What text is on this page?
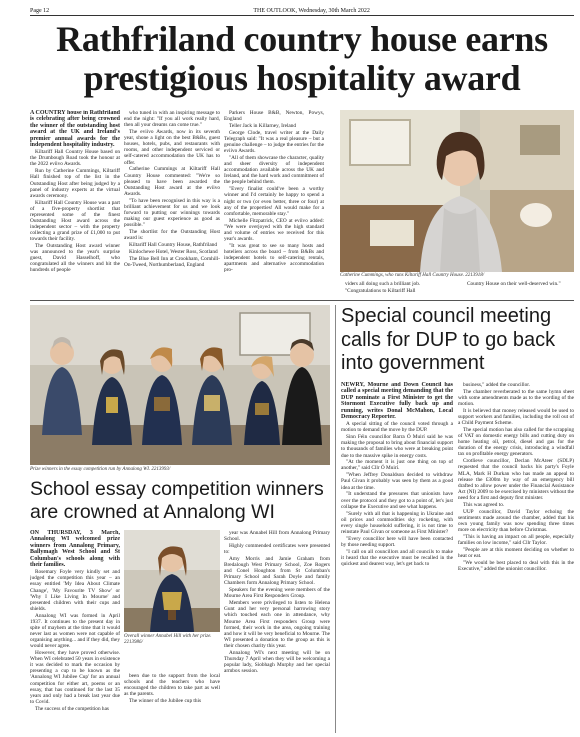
Page 12	THE OUTLOOK, Wednesday, 30th March 2022
Rathfriland country house earns prestigious hospitality award

A COUNTRY house in Rathfriland is celebrating after being crowned the winner of the outstanding host award at the UK and Ireland's premier annual awards for the independent hospitality industry.

Kiltariff Hall Country House based on the Drumbough Road took the honour at the 2022 eviivo Awards.

Run by Catherine Cummings, Kiltariff Hall finished top of the list in the Outstanding Host after being judged by a panel of industry experts at the virtual awards ceremony.

Kiltariff Hall Country House was a part of a five-property shortlist that represented some of the finest Outstanding Host award across the independent sector – with the property collecting a grand prize of £1,000 to put towards their facility.

The Outstanding Host award winner was announced to the year's surprise guest, David Hasselhoff, who congratulated all the winners and hit the hundreds of people

who tuned in with an inspiring message to end the night: "If you all work really hard, then all your dreams can come true."

The eviivo Awards, now in its seventh year, shone a light on the best B&Bs, guest houses, hotels, pubs, and restaurants with rooms, and other independent serviced or self-catered accommodation the UK has to offer.

Catherine Cummings at Kiltariff Hall Country House commented: "We're so pleased to have been awarded the Outstanding Host award at the eviivo Awards.

"To have been recognised in this way is a brilliant achievement for us and we look forward to putting our winnings towards making our guest experience as good as possible."

The shortlist for the Outstanding Host award is:

Kiltariff Hall Country House, Rathfriland

Kinlochewe Hotel, Wester Ross, Scotland

The Blue Bell Inn at Crookham, Cornhill-On-Tweed, Northumberland, England

Parkers House B&B, Newton, Powys, England

Teller Jack in Killarney, Ireland

George Clode, travel writer at the Daily Telegraph said: "It was a real pleasure – but a genuine challenge – to judge the entries for the eviivo Awards.

"All of them showcase the character, quality and sheer diversity of independent accommodation available across the UK and Ireland, and the hard work and commitment of the people behind them.

"Every finalist could've been a worthy winner and I'd certainly be happy to spend a night or two (or even better, three or four) at any of the properties! All would make for a comfortable, memorable stay."

Michelle Fitzpatrick, CEO at eviivo added: "We were overjoyed with the high standard and volume of entries we received for this year's awards.

"It was great to see so many hosts and hoteliers across the board – from B&Bs and independent hotels to self-catering rentals, apartments and alternative accommodation pro-

Catherine Cummings, who runs Kiltariff Hall Country House. 2213918/

viders all doing such a brilliant job.

"Congratulations to Kiltariff Hall

Country House on their well-deserved win."

Prize winners in the essay competition run by Annalong WI. 2213993/
School essay competition winners are crowned at Annalong WI

ON THURSDAY, 3 March, Annalong WI welcomed prize winners from Annalong Primary, Ballymagh West School and St Columban's schools along with their families.

Rosemary Foyle very kindly set and judged the competition this year – an essay entitled 'My Idea About Climate Change', 'My Favourite TV Show' or 'Why I Like Living In Mourne' and presented children with their cups and shields.

Annalong WI was formed in April 1937. It continues to the present day in spite of mayhem at the time that it would never last as women were not capable of organising anything... and if they did, they would never agree.

However, they have proved otherwise. When WI celebrated 50 years in existence it was decided to mark the occasion by presenting a cup to be known as the 'Annalong WI Jubilee Cup' for an annual competition for either art, poems or an essay, that has continued for the last 35 years and only had a break last year due to Covid.

The success of the competition has

Overall winner Annabel Hill with her prize. 2213986/

been due to the support from the local schools and the teachers who have encouraged the children to take part as well as the parents.

The winner of the Jubilee cup this

year was Annabel Hill from Annalong Primary School.

Highly commended certificates were presented to:

Amy Morris and Jamie Graham from Bredalough West Primary School, Zoe Rogers and Conel Houghton from St Columban's Primary School and Sarah Doyle and family Chambers form Annalong Primary School.

Speakers for the evening were members of the Mourne Area First Responders Group.

Members were privileged to listen to Helena Gunt and her very personal harrowing story which touched each one in attendance, why Mourne Area First responders Group were formed, their work in the area, ongoing training and how it will be very beneficial to Mourne. The WI presented a donation to the group as this is their chosen charity this year.

Annalong WI's next meeting will be on Thursday 7 April when they will be welcoming a popular lady, Siobhagh Murphy and her special armbox session.

Special council meeting calls for DUP to go back into government

NEWRY, Mourne and Down Council has called a special meeting demanding that the DUP nominate a First Minister to get the Stormont Executive fully back up and running, writes Donal McMahon, Local Democracy Reporter.

A special sitting of the council voted through a motion to demand the move by the DUP.

Sinn Féin councillor Barra Ó Muirí said he was making the proposal to bring about financial support to thousands of families who were at breaking point due to the massive spike in energy costs.

"At the moment it is just one thing on top of another," said Cllr Ó Muirí.

"When Jeffrey Donaldson decided to withdraw Paul Givan it probably was seen by them as a good idea at the time.

"It understand the pressures that unionists have over the protocol and they got to a point of, let's just collapse the Executive and see what happens.

"Surely with all that is happening in Ukraine and oil prices and commodities sky rocketing, with every single household suffering, it is not time to reinstate Paul Givan or someone as First Minister?

"Every councillor here will have been contacted by those needing support.

"I call on all councillors and all councils to make it heard that the executive must be recalled in the quickest and dearest way, let's get back to

business," added the councillor.

The chamber reverberated to the same hymn sheet with some amendments made as to the wording of the motion.

It is believed that money released would be used to support workers and families, including the roll out of a Child Payment Scheme.

The special motion has also called for the scrapping of VAT on domestic energy bills and cutting duty on home heating oil, petrol, diesel and gas for the duration of the energy crisis, introducing a windfall tax on profitable energy generators.

Crotlieve councillor, Declan McAteer (SDLP) requested that the council backs his party's Foyle MLA, Mark H Durkan who has made an appeal to release the £300m by way of an emergency bill drafted to allow power under the Financial Assistance Act (NI) 2009 to be exercised by ministers without the need for a first and deputy first minister.

This was agreed to.

UUP councillor, David Taylor echoing the sentiments made around the chamber, added that his own young family was now spending three times more on electricity than before Christmas.

"This is having an impact on all people, especially families on low income," said Cllr Taylor.

"People are at this moment deciding on whether to heat or eat.

"We would be best placed to deal with this in the Executive," added the unionist councillor.
